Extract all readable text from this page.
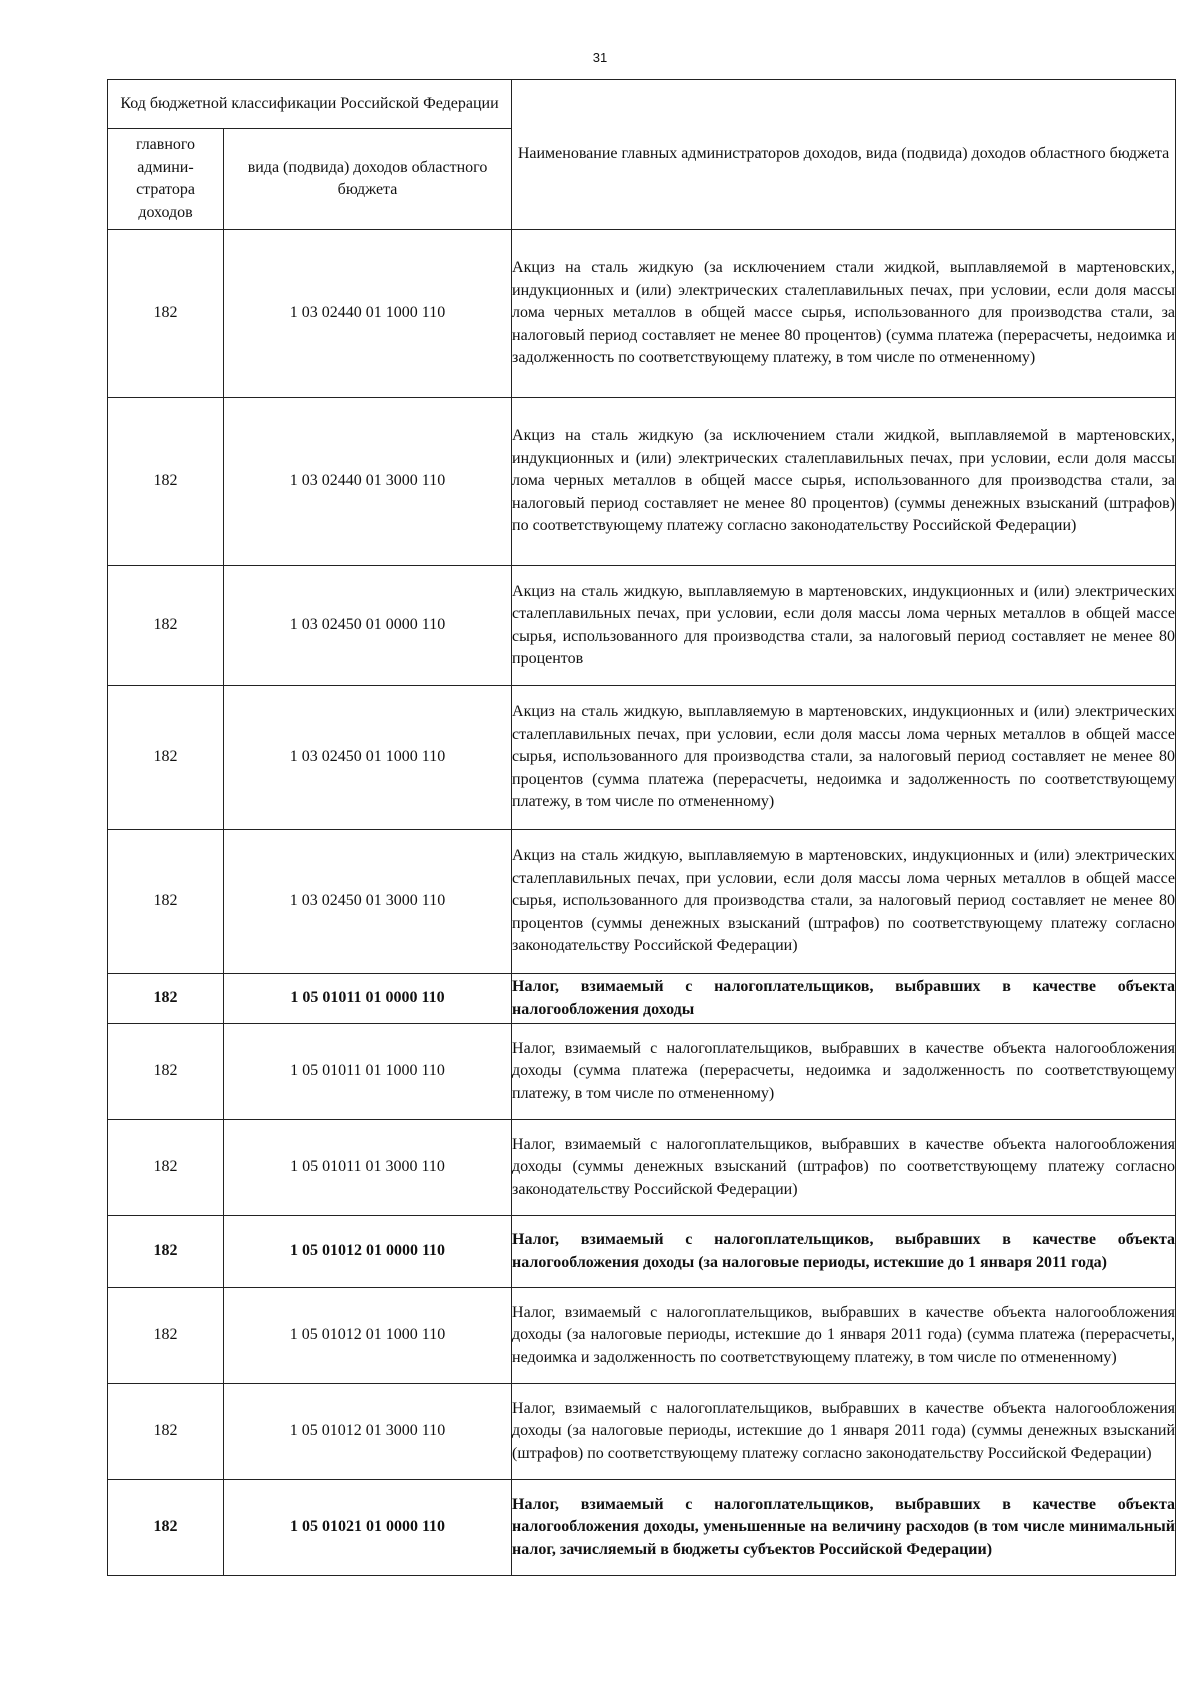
31
Код бюджетной классификации Российской Федерации		Наименование главных администраторов доходов, вида (подвида) доходов областного бюджета
главного админи-стратора доходов	вида (подвида) доходов областного бюджета	
182	1 03 02440 01 1000 110	Акциз на сталь жидкую (за исключением стали жидкой, выплавляемой в мартеновских, индукционных и (или) электрических сталеплавильных печах, при условии, если доля массы лома черных металлов в общей массе сырья, использованного для производства стали, за налоговый период составляет не менее 80 процентов) (сумма платежа (перерасчеты, недоимка и задолженность по соответствующему платежу, в том числе по отмененному)
182	1 03 02440 01 3000 110	Акциз на сталь жидкую (за исключением стали жидкой, выплавляемой в мартеновских, индукционных и (или) электрических сталеплавильных печах, при условии, если доля массы лома черных металлов в общей массе сырья, использованного для производства стали, за налоговый период составляет не менее 80 процентов) (суммы денежных взысканий (штрафов) по соответствующему платежу согласно законодательству Российской Федерации)
182	1 03 02450 01 0000 110	Акциз на сталь жидкую, выплавляемую в мартеновских, индукционных и (или) электрических сталеплавильных печах, при условии, если доля массы лома черных металлов в общей массе сырья, использованного для производства стали, за налоговый период составляет не менее 80 процентов
182	1 03 02450 01 1000 110	Акциз на сталь жидкую, выплавляемую в мартеновских, индукционных и (или) электрических сталеплавильных печах, при условии, если доля массы лома черных металлов в общей массе сырья, использованного для производства стали, за налоговый период составляет не менее 80 процентов (сумма платежа (перерасчеты, недоимка и задолженность по соответствующему платежу, в том числе по отмененному)
182	1 03 02450 01 3000 110	Акциз на сталь жидкую, выплавляемую в мартеновских, индукционных и (или) электрических сталеплавильных печах, при условии, если доля массы лома черных металлов в общей массе сырья, использованного для производства стали, за налоговый период составляет не менее 80 процентов (суммы денежных взысканий (штрафов) по соответствующему платежу согласно законодательству Российской Федерации)
182	1 05 01011 01 0000 110	Налог, взимаемый с налогоплательщиков, выбравших в качестве объекта налогообложения доходы
182	1 05 01011 01 1000 110	Налог, взимаемый с налогоплательщиков, выбравших в качестве объекта налогообложения доходы (сумма платежа (перерасчеты, недоимка и задолженность по соответствующему платежу, в том числе по отмененному)
182	1 05 01011 01 3000 110	Налог, взимаемый с налогоплательщиков, выбравших в качестве объекта налогообложения доходы (суммы денежных взысканий (штрафов) по соответствующему платежу согласно законодательству Российской Федерации)
182	1 05 01012 01 0000 110	Налог, взимаемый с налогоплательщиков, выбравших в качестве объекта налогообложения доходы (за налоговые периоды, истекшие до 1 января 2011 года)
182	1 05 01012 01 1000 110	Налог, взимаемый с налогоплательщиков, выбравших в качестве объекта налогообложения доходы (за налоговые периоды, истекшие до 1 января 2011 года) (сумма платежа (перерасчеты, недоимка и задолженность по соответствующему платежу, в том числе по отмененному)
182	1 05 01012 01 3000 110	Налог, взимаемый с налогоплательщиков, выбравших в качестве объекта налогообложения доходы (за налоговые периоды, истекшие до 1 января 2011 года) (суммы денежных взысканий (штрафов) по соответствующему платежу согласно законодательству Российской Федерации)
182	1 05 01021 01 0000 110	Налог, взимаемый с налогоплательщиков, выбравших в качестве объекта налогообложения доходы, уменьшенные на величину расходов (в том числе минимальный налог, зачисляемый в бюджеты субъектов Российской Федерации)
